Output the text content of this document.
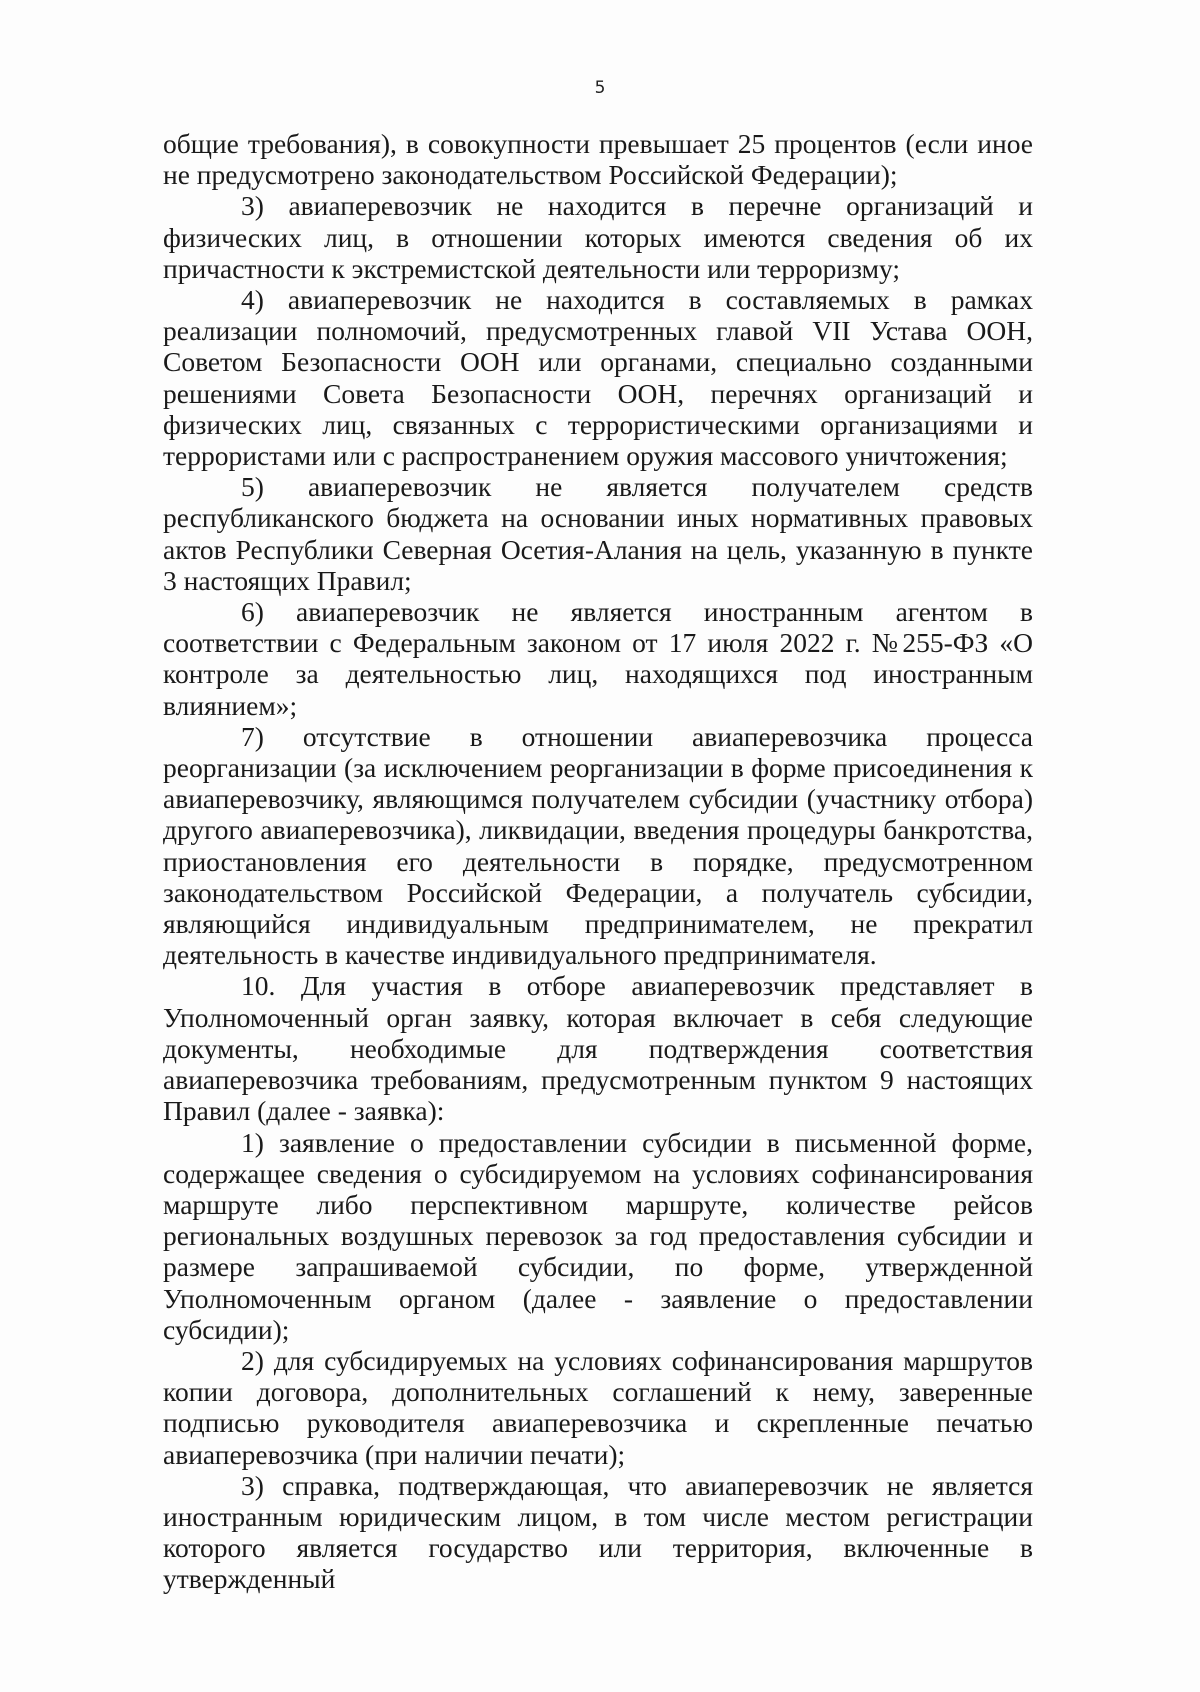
5

общие требования), в совокупности превышает 25 процентов (если иное не предусмотрено законодательством Российской Федерации);

3) авиаперевозчик не находится в перечне организаций и физических лиц, в отношении которых имеются сведения об их причастности к экстремистской деятельности или терроризму;

4) авиаперевозчик не находится в составляемых в рамках реализации полномочий, предусмотренных главой VII Устава ООН, Советом Безопасности ООН или органами, специально созданными решениями Совета Безопасности ООН, перечнях организаций и физических лиц, связанных с террористическими организациями и террористами или с распространением оружия массового уничтожения;

5) авиаперевозчик не является получателем средств республиканского бюджета на основании иных нормативных правовых актов Республики Северная Осетия-Алания на цель, указанную в пункте 3 настоящих Правил;

6) авиаперевозчик не является иностранным агентом в соответствии с Федеральным законом от 17 июля 2022 г. №255-ФЗ «О контроле за деятельностью лиц, находящихся под иностранным влиянием»;

7) отсутствие в отношении авиаперевозчика процесса реорганизации (за исключением реорганизации в форме присоединения к авиаперевозчику, являющимся получателем субсидии (участнику отбора) другого авиаперевозчика), ликвидации, введения процедуры банкротства, приостановления его деятельности в порядке, предусмотренном законодательством Российской Федерации, а получатель субсидии, являющийся индивидуальным предпринимателем, не прекратил деятельность в качестве индивидуального предпринимателя.

10. Для участия в отборе авиаперевозчик представляет в Уполномоченный орган заявку, которая включает в себя следующие документы, необходимые для подтверждения соответствия авиаперевозчика требованиям, предусмотренным пунктом 9 настоящих Правил (далее - заявка):

1) заявление о предоставлении субсидии в письменной форме, содержащее сведения о субсидируемом на условиях софинансирования маршруте либо перспективном маршруте, количестве рейсов региональных воздушных перевозок за год предоставления субсидии и размере запрашиваемой субсидии, по форме, утвержденной Уполномоченным органом (далее - заявление о предоставлении субсидии);

2) для субсидируемых на условиях софинансирования маршрутов копии договора, дополнительных соглашений к нему, заверенные подписью руководителя авиаперевозчика и скрепленные печатью авиаперевозчика (при наличии печати);

3) справка, подтверждающая, что авиаперевозчик не является иностранным юридическим лицом, в том числе местом регистрации которого является государство или территория, включенные в утвержденный
